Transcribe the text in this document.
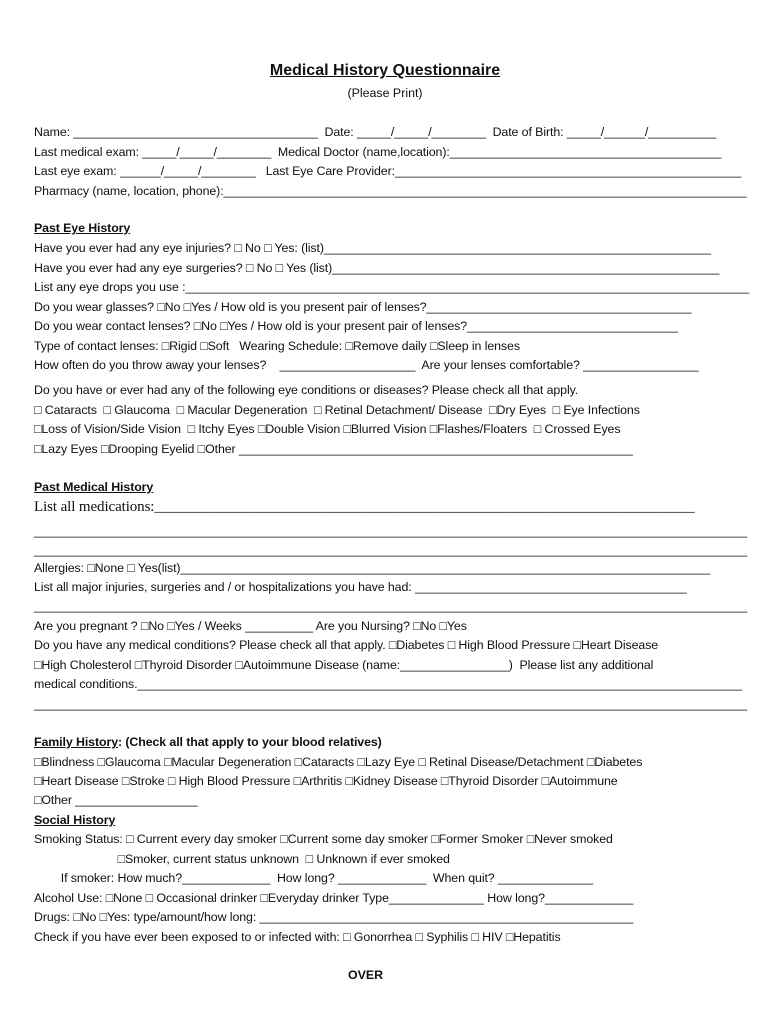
Medical History Questionnaire
(Please Print)
Name: ____________________________________  Date: _____/_____/________  Date of Birth: _____/______/__________
Last medical exam: _____/_____/________  Medical Doctor (name,location):________________________________________
Last eye exam: ______/_____/________   Last Eye Care Provider:___________________________________________________
Pharmacy (name, location, phone):_____________________________________________________________________________
Past Eye History
Have you ever had any eye injuries? □ No □ Yes: (list)_________________________________________________________
Have you ever had any eye surgeries? □ No □ Yes (list)_________________________________________________________
List any eye drops you use :___________________________________________________________________________________
Do you wear glasses? □No □Yes / How old is you present pair of lenses?_______________________________________
Do you wear contact lenses? □No □Yes / How old is your present pair of lenses?_______________________________
Type of contact lenses: □Rigid □Soft   Wearing Schedule: □Remove daily □Sleep in lenses
How often do you throw away your lenses?    ____________________  Are your lenses comfortable? _________________
Do you have or ever had any of the following eye conditions or diseases? Please check all that apply.
□ Cataracts  □ Glaucoma  □ Macular Degeneration  □ Retinal Detachment/ Disease  □Dry Eyes  □ Eye Infections
□Loss of Vision/Side Vision  □ Itchy Eyes □Double Vision □Blurred Vision □Flashes/Floaters  □ Crossed Eyes
□Lazy Eyes □Drooping Eyelid □Other __________________________________________________________
Past Medical History
List all medications:_________________________________________________________________________
_________________________________________________________________________________________________________
_________________________________________________________________________________________________________
Allergies: □None □ Yes(list)______________________________________________________________________________
List all major injuries, surgeries and / or hospitalizations you have had: ________________________________________
_________________________________________________________________________________________________________
Are you pregnant ? □No □Yes / Weeks __________ Are you Nursing? □No □Yes
Do you have any medical conditions? Please check all that apply. □Diabetes □ High Blood Pressure □Heart Disease
□High Cholesterol □Thyroid Disorder □Autoimmune Disease (name:________________)  Please list any additional
medical conditions._________________________________________________________________________________________
_________________________________________________________________________________________________________
Family History: (Check all that apply to your blood relatives)
□Blindness □Glaucoma □Macular Degeneration □Cataracts □Lazy Eye □ Retinal Disease/Detachment □Diabetes
□Heart Disease □Stroke □ High Blood Pressure □Arthritis □Kidney Disease □Thyroid Disorder □Autoimmune
□Other __________________
Social History
Smoking Status: □ Current every day smoker □Current some day smoker □Former Smoker □Never smoked
□Smoker, current status unknown  □ Unknown if ever smoked
If smoker: How much?_____________  How long? _____________  When quit? ______________
Alcohol Use: □None □ Occasional drinker □Everyday drinker Type______________ How long?_____________
Drugs: □No □Yes: type/amount/how long: _______________________________________________________
Check if you have ever been exposed to or infected with: □ Gonorrhea □ Syphilis □ HIV □Hepatitis
OVER
